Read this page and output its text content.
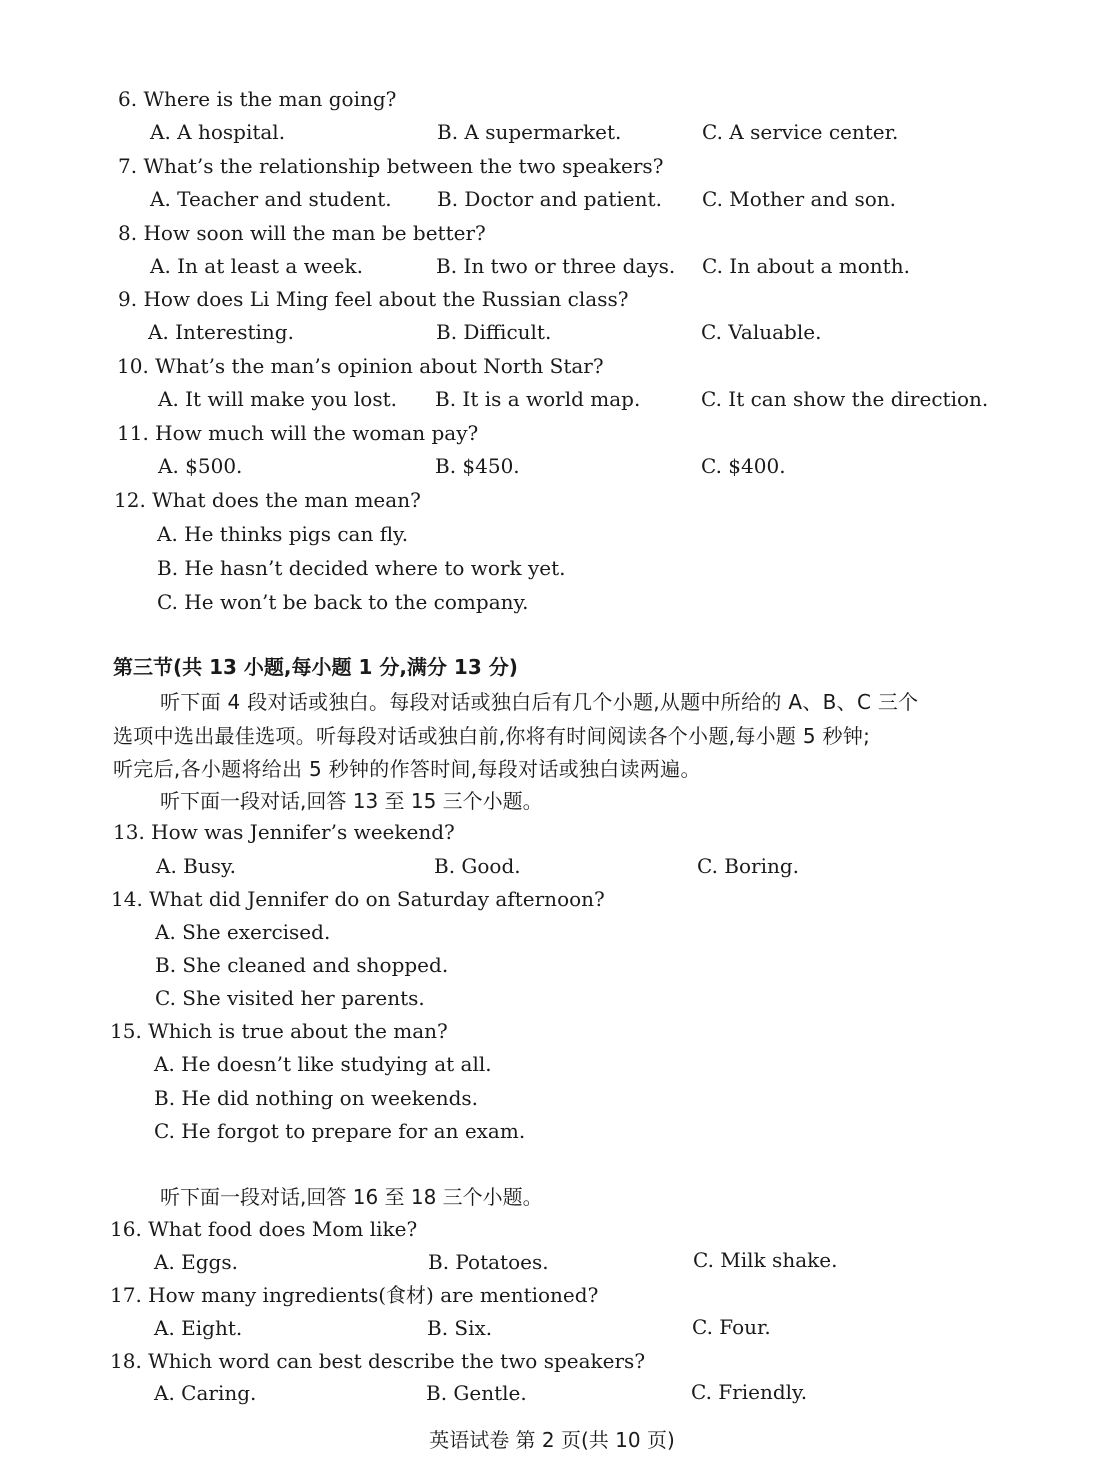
6. Where is the man going?
A. A hospital.	B. A supermarket.	C. A service center.
7. What’s the relationship between the two speakers?
A. Teacher and student. B. Doctor and patient. C. Mother and son.
8. How soon will the man be better?
A. In at least a week.	B. In two or three days. C. In about a month.
9. How does Li Ming feel about the Russian class?
A. Interesting.	B. Difficult.	C. Valuable.
10. What’s the man’s opinion about North Star?
A. It will make you lost. B. It is a world map.	C. It can show the direction.
11. How much will the woman pay?
A. $500.	B. $450.	C. $400.
12. What does the man mean?
A. He thinks pigs can fly.
B. He hasn’t decided where to work yet.
C. He won’t be back to the company.
第三节(共 13 小题,每小题 1 分,满分 13 分)
听下面 4 段对话或独白。每段对话或独白后有几个小题,从题中所给的 A、B、C 三个
选项中选出最佳选项。听每段对话或独白前,你将有时间阅读各个小题,每小题 5 秒钟;
听完后,各小题将给出 5 秒钟的作答时间,每段对话或独白读两遍。
听下面一段对话,回答 13 至 15 三个小题。
13. How was Jennifer’s weekend?
A. Busy.	B. Good.	C. Boring.
14. What did Jennifer do on Saturday afternoon?
A. She exercised.
B. She cleaned and shopped.
C. She visited her parents.
15. Which is true about the man?
A. He doesn’t like studying at all.
B. He did nothing on weekends.
C. He forgot to prepare for an exam.
听下面一段对话,回答 16 至 18 三个小题。
16. What food does Mom like?
A. Eggs.	B. Potatoes.	C. Milk shake.
17. How many ingredients(食材) are mentioned?
A. Eight.	B. Six.	C. Four.
18. Which word can best describe the two speakers?
A. Caring.	B. Gentle.	C. Friendly.
英语试卷 第 2 页(共 10 页)
